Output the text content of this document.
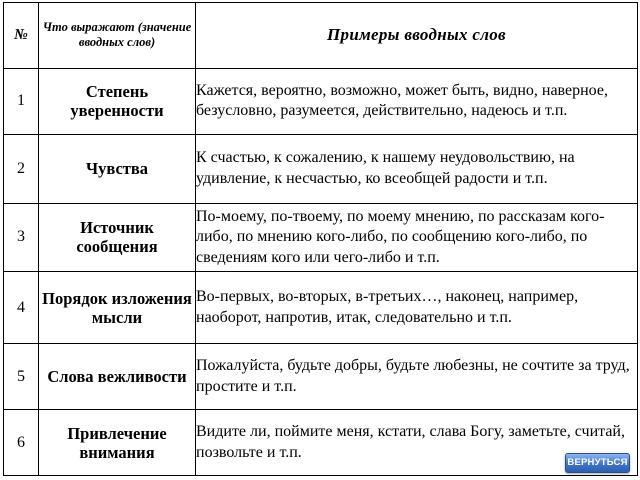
№	Что выражают (значение вводных слов)	Примеры вводных слов
1	Степень уверенности	Кажется, вероятно, возможно, может быть, видно, наверное, безусловно, разумеется, действительно, надеюсь и т.п.
2	Чувства	К счастью, к сожалению, к нашему неудовольствию, на удивление, к несчастью, ко всеобщей радости и т.п.
3	Источник сообщения	По-моему, по-твоему, по моему мнению, по рассказам кого- либо, по мнению кого-либо, по сообщению кого-либо, по сведениям кого или чего-либо и т.п.
4	Порядок изложения мысли	Во-первых, во-вторых, в-третьих…, наконец, например, наоборот, напротив, итак, следовательно и т.п.
5	Слова вежливости	Пожалуйста, будьте добры, будьте любезны, не сочтите за труд, простите и т.п.
6	Привлечение внимания	Видите ли, поймите меня, кстати, слава Богу, заметьте, считай, позвольте и т.п.
ВЕРНУТЬСЯ
